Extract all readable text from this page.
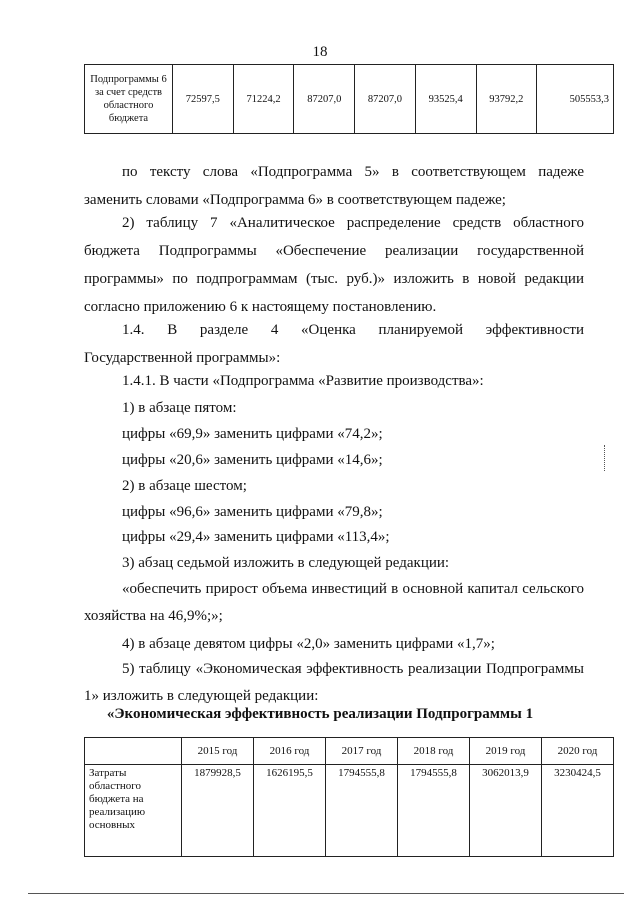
18
Подпрограммы 6 за счет средств областного бюджета	72597,5	71224,2	87207,0	87207,0	93525,4	93792,2	505553,3

по тексту слова «Подпрограмма 5» в соответствующем падеже

заменить словами «Подпрограмма 6» в соответствующем падеже;

2) таблицу 7 «Аналитическое распределение средств областного

бюджета Подпрограммы «Обеспечение реализации государственной

программы» по подпрограммам (тыс. руб.)» изложить в новой редакции

согласно приложению 6 к настоящему постановлению.

1.4. В разделе 4 «Оценка планируемой эффективности

Государственной программы»:

1.4.1. В части «Подпрограмма «Развитие производства»:

1) в абзаце пятом:

цифры «69,9» заменить цифрами «74,2»;

цифры «20,6» заменить цифрами «14,6»;

2) в абзаце шестом;

цифры «96,6» заменить цифрами «79,8»;

цифры «29,4» заменить цифрами «113,4»;

3) абзац седьмой изложить в следующей редакции:

«обеспечить прирост объема инвестиций в основной капитал сельского

хозяйства на 46,9%;»;

4) в абзаце девятом цифры «2,0» заменить цифрами «1,7»;

5) таблицу «Экономическая эффективность реализации Подпрограммы

1» изложить в следующей редакции:

«Экономическая эффективность реализации Подпрограммы 1
	2015 год	2016 год	2017 год	2018 год	2019 год	2020 год
Затраты областного бюджета на реализацию основных	1879928,5	1626195,5	1794555,8	1794555,8	3062013,9	3230424,5
